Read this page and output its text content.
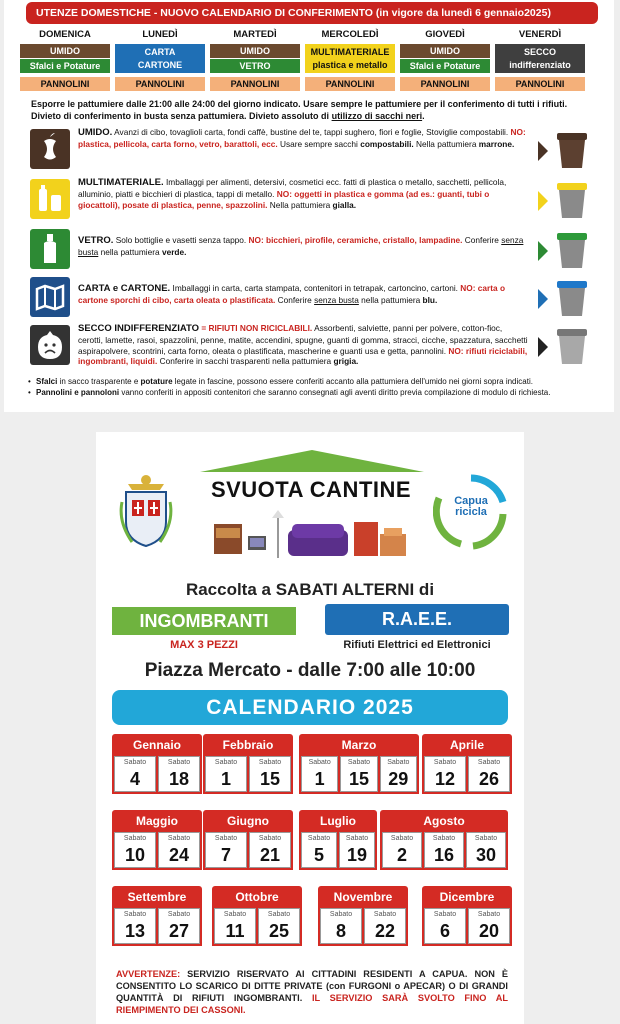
UTENZE DOMESTICHE - NUOVO CALENDARIO DI CONFERIMENTO (in vigore da lunedì 6 gennaio2025)
DOMENICA
UMIDO
Sfalci e Potature
PANNOLINI
LUNEDÌ
CARTA
CARTONE
PANNOLINI
MARTEDÌ
UMIDO
VETRO
PANNOLINI
MERCOLEDÌ
MULTIMATERIALE
plastica e metallo
PANNOLINI
GIOVEDÌ
UMIDO
Sfalci e Potature
PANNOLINI
VENERDÌ
SECCO
indifferenziato
PANNOLINI
Esporre le pattumiere dalle 21:00 alle 24:00 del giorno indicato. Usare sempre le pattumiere per il conferimento di tutti i rifiuti. Divieto di conferimento in busta senza pattumiera. Divieto assoluto di utilizzo di sacchi neri.
UMIDO. Avanzi di cibo, tovaglioli carta, fondi caffè, bustine del te, tappi sughero, fiori e foglie, Stoviglie compostabili. NO: plastica, pellicola, carta forno, vetro, barattoli, ecc. Usare sempre sacchi compostabili. Nella pattumiera marrone.
MULTIMATERIALE. Imballaggi per alimenti, detersivi, cosmetici ecc. fatti di plastica o metallo, sacchetti, pellicola, alluminio, piatti e bicchieri di plastica, tappi di metallo. NO: oggetti in plastica e gomma (ad es.: guanti, tubi o giocattoli), posate di plastica, penne, spazzolini. Nella pattumiera gialla.
VETRO. Solo bottiglie e vasetti senza tappo. NO: bicchieri, pirofile, ceramiche, cristallo, lampadine. Conferire senza busta nella pattumiera verde.
CARTA e CARTONE. Imballaggi in carta, carta stampata, contenitori in tetrapak, cartoncino, cartoni. NO: carta o cartone sporchi di cibo, carta oleata o plastificata. Conferire senza busta nella pattumiera blu.
SECCO INDIFFERENZIATO = RIFIUTI NON RICICLABILI. Assorbenti, salviette, panni per polvere, cotton-fioc, cerotti, lamette, rasoi, spazzolini, penne, matite, accendini, spugne, guanti di gomma, stracci, cicche, spazzatura, sacchetti aspirapolvere, scontrini, carta forno, oleata o plastificata, mascherine e guanti usa e getta, pannolini. NO: rifiuti riciclabili, ingombranti, liquidi. Conferire in sacchi trasparenti nella pattumiera grigia.
• Sfalci in sacco trasparente e potature legate in fascine, possono essere conferiti accanto alla pattumiera dell'umido nei giorni sopra indicati.
• Pannolini e pannoloni vanno conferiti in appositi contenitori che saranno consegnati agli aventi diritto previa compilazione di modulo di richiesta.
SVUOTA CANTINE	Capua
ricicla
Raccolta a SABATI ALTERNI di
INGOMBRANTI	R.A.E.E.
MAX 3 PEZZI	Rifiuti Elettrici ed Elettronici
Piazza Mercato - dalle 7:00 alle 10:00
CALENDARIO 2025
Gennaio
Sabato
4
Sabato
18
Febbraio
Sabato
1
Sabato
15
Marzo
Sabato
1
Sabato
15
Sabato
29
Aprile
Sabato
12
Sabato
26
Maggio
Sabato
10
Sabato
24
Giugno
Sabato
7
Sabato
21
Luglio
Sabato
5
Sabato
19
Agosto
Sabato
2
Sabato
16
Sabato
30
Settembre
Sabato
13
Sabato
27
Ottobre
Sabato
11
Sabato
25
Novembre
Sabato
8
Sabato
22
Dicembre
Sabato
6
Sabato
20
AVVERTENZE: SERVIZIO RISERVATO AI CITTADINI RESIDENTI A CAPUA. NON È CONSENTITO LO SCARICO DI DITTE PRIVATE (con FURGONI o APECAR) O DI GRANDI QUANTITÀ DI RIFIUTI INGOMBRANTI. IL SERVIZIO SARÀ SVOLTO FINO AL RIEMPIMENTO DEI CASSONI.
